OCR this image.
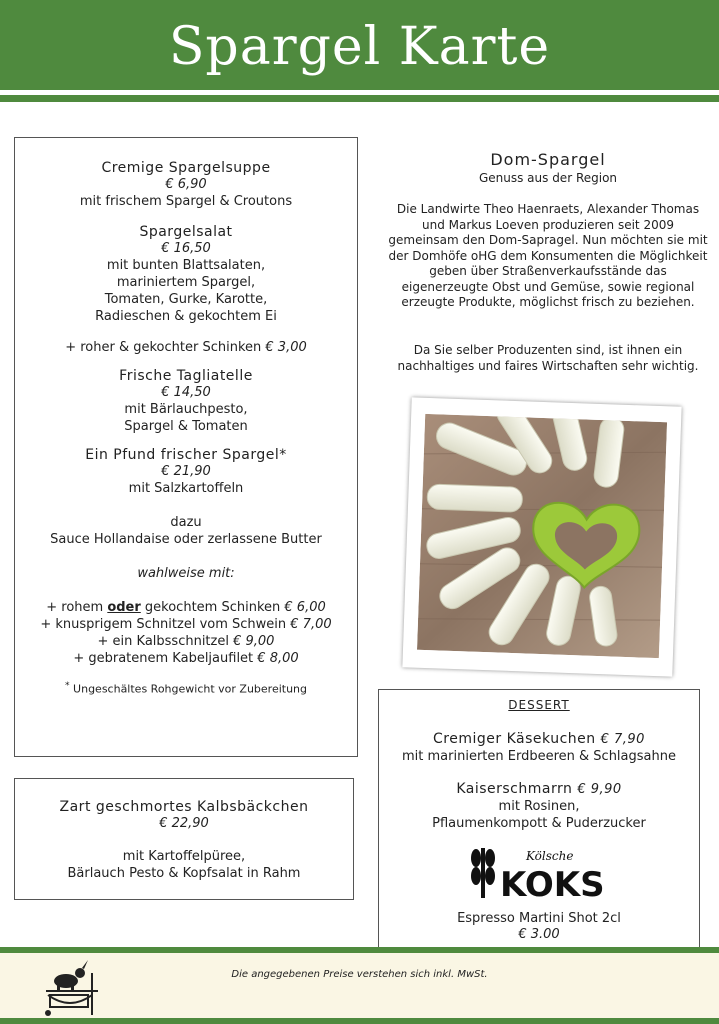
Spargel Karte
Cremige Spargelsuppe
€ 6,90
mit frischem Spargel & Croutons
Spargelsalat
€ 16,50
mit bunten Blattsalaten,
mariniertem Spargel,
Tomaten, Gurke, Karotte,
Radieschen & gekochtem Ei
+ roher & gekochter Schinken € 3,00
Frische Tagliatelle
€ 14,50
mit Bärlauchpesto,
Spargel & Tomaten
Ein Pfund frischer Spargel*
€ 21,90
mit Salzkartoffeln
dazu
Sauce Hollandaise oder zerlassene Butter
wahlweise mit:
+ rohem oder gekochtem Schinken € 6,00
+ knusprigem Schnitzel vom Schwein € 7,00
+ ein Kalbsschnitzel € 9,00
+ gebratenem Kabeljaufilet € 8,00
* Ungeschältes Rohgewicht vor Zubereitung
Zart geschmortes Kalbsbäckchen
€ 22,90
mit Kartoffelpüree,
Bärlauch Pesto & Kopfsalat in Rahm
Dom-Spargel
Genuss aus der Region
Die Landwirte Theo Haenraets, Alexander Thomas und Markus Loeven produzieren seit 2009 gemeinsam den Dom-Sapragel. Nun möchten sie mit der Domhöfe oHG dem Konsumenten die Möglichkeit geben über Straßenverkaufsstände das eigenerzeugte Obst und Gemüse, sowie regional erzeugte Produkte, möglichst frisch zu beziehen.
Da Sie selber Produzenten sind, ist ihnen ein nachhaltiges und faires Wirtschaften sehr wichtig.
DESSERT
Cremiger Käsekuchen € 7,90
mit marinierten Erdbeeren & Schlagsahne
Kaiserschmarrn € 9,90
mit Rosinen,
Pflaumenkompott & Puderzucker
Kölsche
KOKS
Espresso Martini Shot 2cl
€ 3.00
Die angegebenen Preise verstehen sich inkl. MwSt.
